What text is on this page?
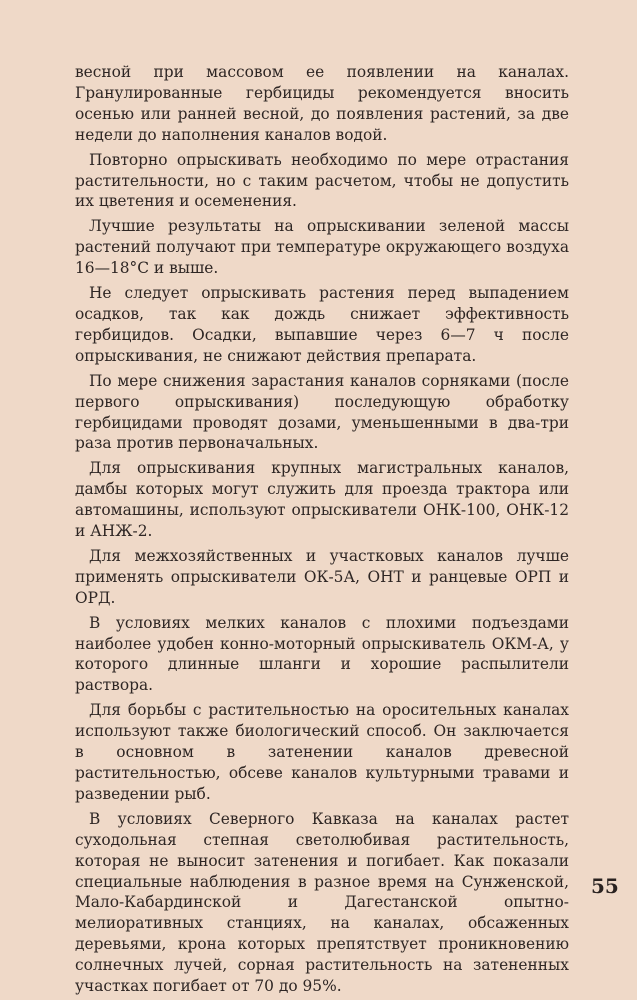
весной при массовом ее появлении на каналах. Гранулированные гербициды рекомендуется вносить осенью или ранней весной, до появления растений, за две недели до наполнения каналов водой.

Повторно опрыскивать необходимо по мере отрастания растительности, но с таким расчетом, чтобы не допустить их цветения и осеменения.

Лучшие результаты на опрыскивании зеленой массы растений получают при температуре окружающего воздуха 16—18°С и выше.

Не следует опрыскивать растения перед выпадением осадков, так как дождь снижает эффективность гербицидов. Осадки, выпавшие через 6—7 ч после опрыскивания, не снижают действия препарата.

По мере снижения зарастания каналов сорняками (после первого опрыскивания) последующую обработку гербицидами проводят дозами, уменьшенными в два-три раза против первоначальных.

Для опрыскивания крупных магистральных каналов, дамбы которых могут служить для проезда трактора или автомашины, используют опрыскиватели ОНК-100, ОНК-12 и АНЖ-2.

Для межхозяйственных и участковых каналов лучше применять опрыскиватели ОК-5А, ОНТ и ранцевые ОРП и ОРД.

В условиях мелких каналов с плохими подъездами наиболее удобен конно-моторный опрыскиватель ОКМ-А, у которого длинные шланги и хорошие распылители раствора.

Для борьбы с растительностью на оросительных каналах используют также биологический способ. Он заключается в основном в затенении каналов древесной растительностью, обсеве каналов культурными травами и разведении рыб.

В условиях Северного Кавказа на каналах растет суходольная степная светолюбивая растительность, которая не выносит затенения и погибает. Как показали специальные наблюдения в разное время на Сунженской, Мало-Кабардинской и Дагестанской опытно-мелиоративных станциях, на каналах, обсаженных деревьями, крона которых препятствует проникновению солнечных лучей, сорная растительность на затененных участках погибает от 70 до 95%.

55
